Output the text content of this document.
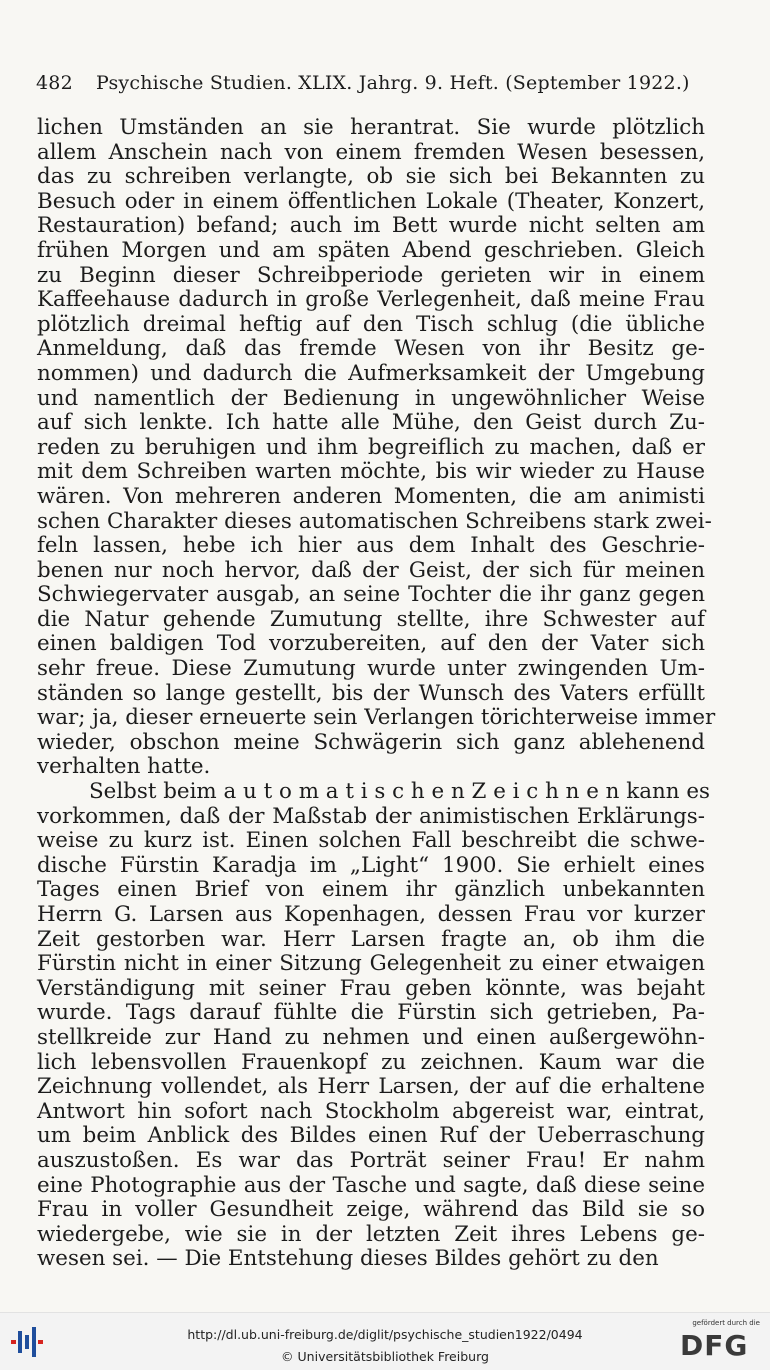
482 Psychische Studien. XLIX. Jahrg. 9. Heft. (September 1922.)
lichen Umständen an sie herantrat. Sie wurde plötzlich
allem Anschein nach von einem fremden Wesen besessen,
das zu schreiben verlangte, ob sie sich bei Bekannten zu
Besuch oder in einem öffentlichen Lokale (Theater, Konzert,
Restauration) befand; auch im Bett wurde nicht selten am
frühen Morgen und am späten Abend geschrieben. Gleich
zu Beginn dieser Schreibperiode gerieten wir in einem
Kaffeehause dadurch in große Verlegenheit, daß meine Frau
plötzlich dreimal heftig auf den Tisch schlug (die übliche
Anmeldung, daß das fremde Wesen von ihr Besitz ge-
nommen) und dadurch die Aufmerksamkeit der Umgebung
und namentlich der Bedienung in ungewöhnlicher Weise
auf sich lenkte. Ich hatte alle Mühe, den Geist durch Zu-
reden zu beruhigen und ihm begreiflich zu machen, daß er
mit dem Schreiben warten möchte, bis wir wieder zu Hause
wären. Von mehreren anderen Momenten, die am animisti
schen Charakter dieses automatischen Schreibens stark zwei-
feln lassen, hebe ich hier aus dem Inhalt des Geschrie-
benen nur noch hervor, daß der Geist, der sich für meinen
Schwiegervater ausgab, an seine Tochter die ihr ganz gegen
die Natur gehende Zumutung stellte, ihre Schwester auf
einen baldigen Tod vorzubereiten, auf den der Vater sich
sehr freue. Diese Zumutung wurde unter zwingenden Um-
ständen so lange gestellt, bis der Wunsch des Vaters erfüllt
war; ja, dieser erneuerte sein Verlangen törichterweise immer
wieder, obschon meine Schwägerin sich ganz ablehenend
verhalten hatte.
Selbst beim a u t o m a t i s c h e n Z e i c h n e n kann es
vorkommen, daß der Maßstab der animistischen Erklärungs-
weise zu kurz ist. Einen solchen Fall beschreibt die schwe-
dische Fürstin Karadja im „Light“ 1900. Sie erhielt eines
Tages einen Brief von einem ihr gänzlich unbekannten
Herrn G. Larsen aus Kopenhagen, dessen Frau vor kurzer
Zeit gestorben war. Herr Larsen fragte an, ob ihm die
Fürstin nicht in einer Sitzung Gelegenheit zu einer etwaigen
Verständigung mit seiner Frau geben könnte, was bejaht
wurde. Tags darauf fühlte die Fürstin sich getrieben, Pa-
stellkreide zur Hand zu nehmen und einen außergewöhn-
lich lebensvollen Frauenkopf zu zeichnen. Kaum war die
Zeichnung vollendet, als Herr Larsen, der auf die erhaltene
Antwort hin sofort nach Stockholm abgereist war, eintrat,
um beim Anblick des Bildes einen Ruf der Ueberraschung
auszustoßen. Es war das Porträt seiner Frau! Er nahm
eine Photographie aus der Tasche und sagte, daß diese seine
Frau in voller Gesundheit zeige, während das Bild sie so
wiedergebe, wie sie in der letzten Zeit ihres Lebens ge-
wesen sei. — Die Entstehung dieses Bildes gehört zu den
http://dl.ub.uni-freiburg.de/diglit/psychische_studien1922/0494
© Universitätsbibliothek Freiburg
gefördert durch die
DFG
